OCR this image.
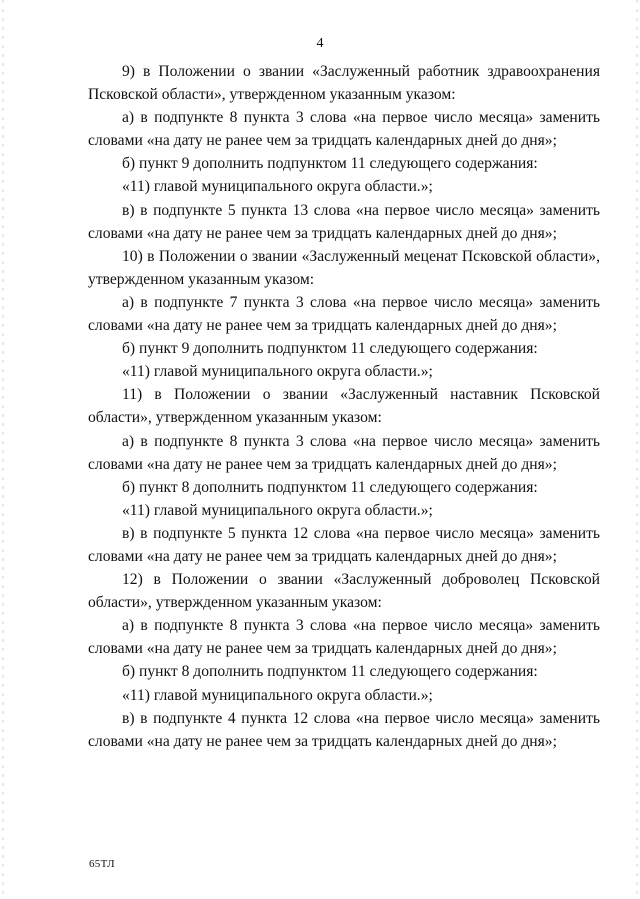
4

9) в Положении о звании «Заслуженный работник здравоохранения Псковской области», утвержденном указанным указом:

а) в подпункте 8 пункта 3 слова «на первое число месяца» заменить словами «на дату не ранее чем за тридцать календарных дней до дня»;

б) пункт 9 дополнить подпунктом 11 следующего содержания:

«11) главой муниципального округа области.»;

в) в подпункте 5 пункта 13 слова «на первое число месяца» заменить словами «на дату не ранее чем за тридцать календарных дней до дня»;

10) в Положении о звании «Заслуженный меценат Псковской области», утвержденном указанным указом:

а) в подпункте 7 пункта 3 слова «на первое число месяца» заменить словами «на дату не ранее чем за тридцать календарных дней до дня»;

б) пункт 9 дополнить подпунктом 11 следующего содержания:

«11) главой муниципального округа области.»;

11) в Положении о звании «Заслуженный наставник Псковской области», утвержденном указанным указом:

а) в подпункте 8 пункта 3 слова «на первое число месяца» заменить словами «на дату не ранее чем за тридцать календарных дней до дня»;

б) пункт 8 дополнить подпунктом 11 следующего содержания:

«11) главой муниципального округа области.»;

в) в подпункте 5 пункта 12 слова «на первое число месяца» заменить словами «на дату не ранее чем за тридцать календарных дней до дня»;

12) в Положении о звании «Заслуженный доброволец Псковской области», утвержденном указанным указом:

а) в подпункте 8 пункта 3 слова «на первое число месяца» заменить словами «на дату не ранее чем за тридцать календарных дней до дня»;

б) пункт 8 дополнить подпунктом 11 следующего содержания:

«11) главой муниципального округа области.»;

в) в подпункте 4 пункта 12 слова «на первое число месяца» заменить словами «на дату не ранее чем за тридцать календарных дней до дня»;

65ТЛ
